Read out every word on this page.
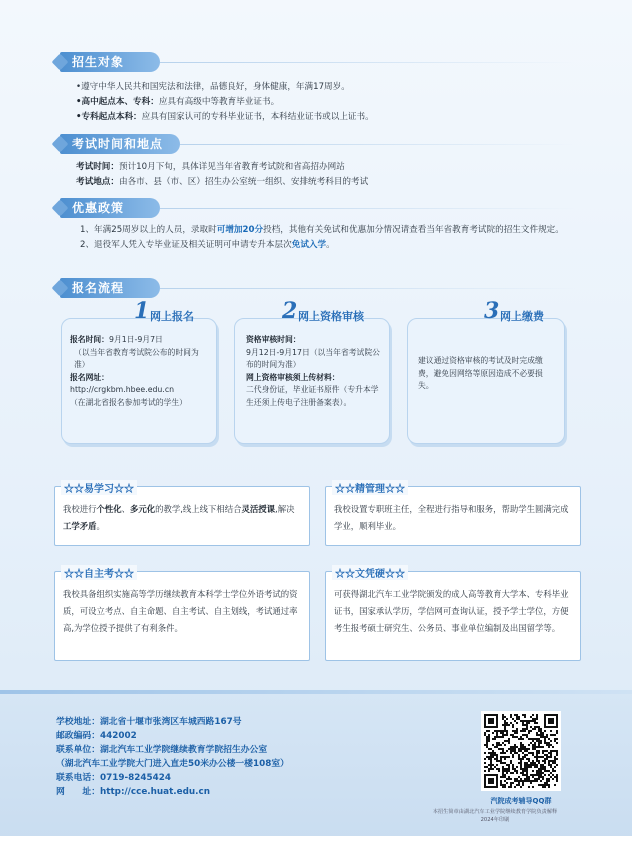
招生对象
•遵守中华人民共和国宪法和法律，品德良好，身体健康，年满17周岁。
•高中起点本、专科：应具有高级中等教育毕业证书。
•专科起点本科：应具有国家认可的专科毕业证书，本科结业证书或以上证书。
考试时间和地点
考试时间：预计10月下旬，具体详见当年省教育考试院和省高招办网站
考试地点：由各市、县（市、区）招生办公室统一组织、安排统考科目的考试
优惠政策
1、年满25周岁以上的人员，录取时可增加20分投档，其他有关免试和优惠加分情况请查看当年省教育考试院的招生文件规定。
2、退役军人凭入专毕业证及相关证明可申请专升本层次免试入学。
报名流程
1 网上报名
报名时间：9月1日-9月7日
（以当年省教育考试院公布的时间为准）
报名网址：
http://crgkbm.hbee.edu.cn
（在湖北省报名参加考试的学生）
2 网上资格审核
资格审核时间：
9月12日-9月17日（以当年省考试院公布的时间为准）
网上资格审核须上传材料：
二代身份证，毕业证书原件（专升本学生还须上传电子注册备案表）。
3 网上缴费
建议通过资格审核的考试及时完成缴费，避免因网络等原因造成不必要损失。
☆☆易学习☆☆
我校进行个性化、多元化的教学,线上线下相结合灵活授课,解决工学矛盾。
☆☆精管理☆☆
我校设置专职班主任，全程进行指导和服务，帮助学生圆满完成学业，顺利毕业。
☆☆自主考☆☆
我校具备组织实施高等学历继续教育本科学士学位外语考试的资质，可设立考点、自主命题、自主考试、自主划线，考试通过率高,为学位授予提供了有利条件。
☆☆文凭硬☆☆
可获得湖北汽车工业学院颁发的成人高等教育大学本、专科毕业证书，国家承认学历，学信网可查询认证，授予学士学位，方便考生报考硕士研究生、公务员、事业单位编制及出国留学等。
学校地址：湖北省十堰市张湾区车城西路167号
邮政编码：442002
联系单位：湖北汽车工业学院继续教育学院招生办公室
（湖北汽车工业学院大门进入直走50米办公楼一楼108室）
联系电话：0719-8245424
网　　址：http://cce.huat.edu.cn
汽院成考辅导QQ群
本招生简章由湖北汽车工业学院继续教育学院负责解释
2024年印刷
